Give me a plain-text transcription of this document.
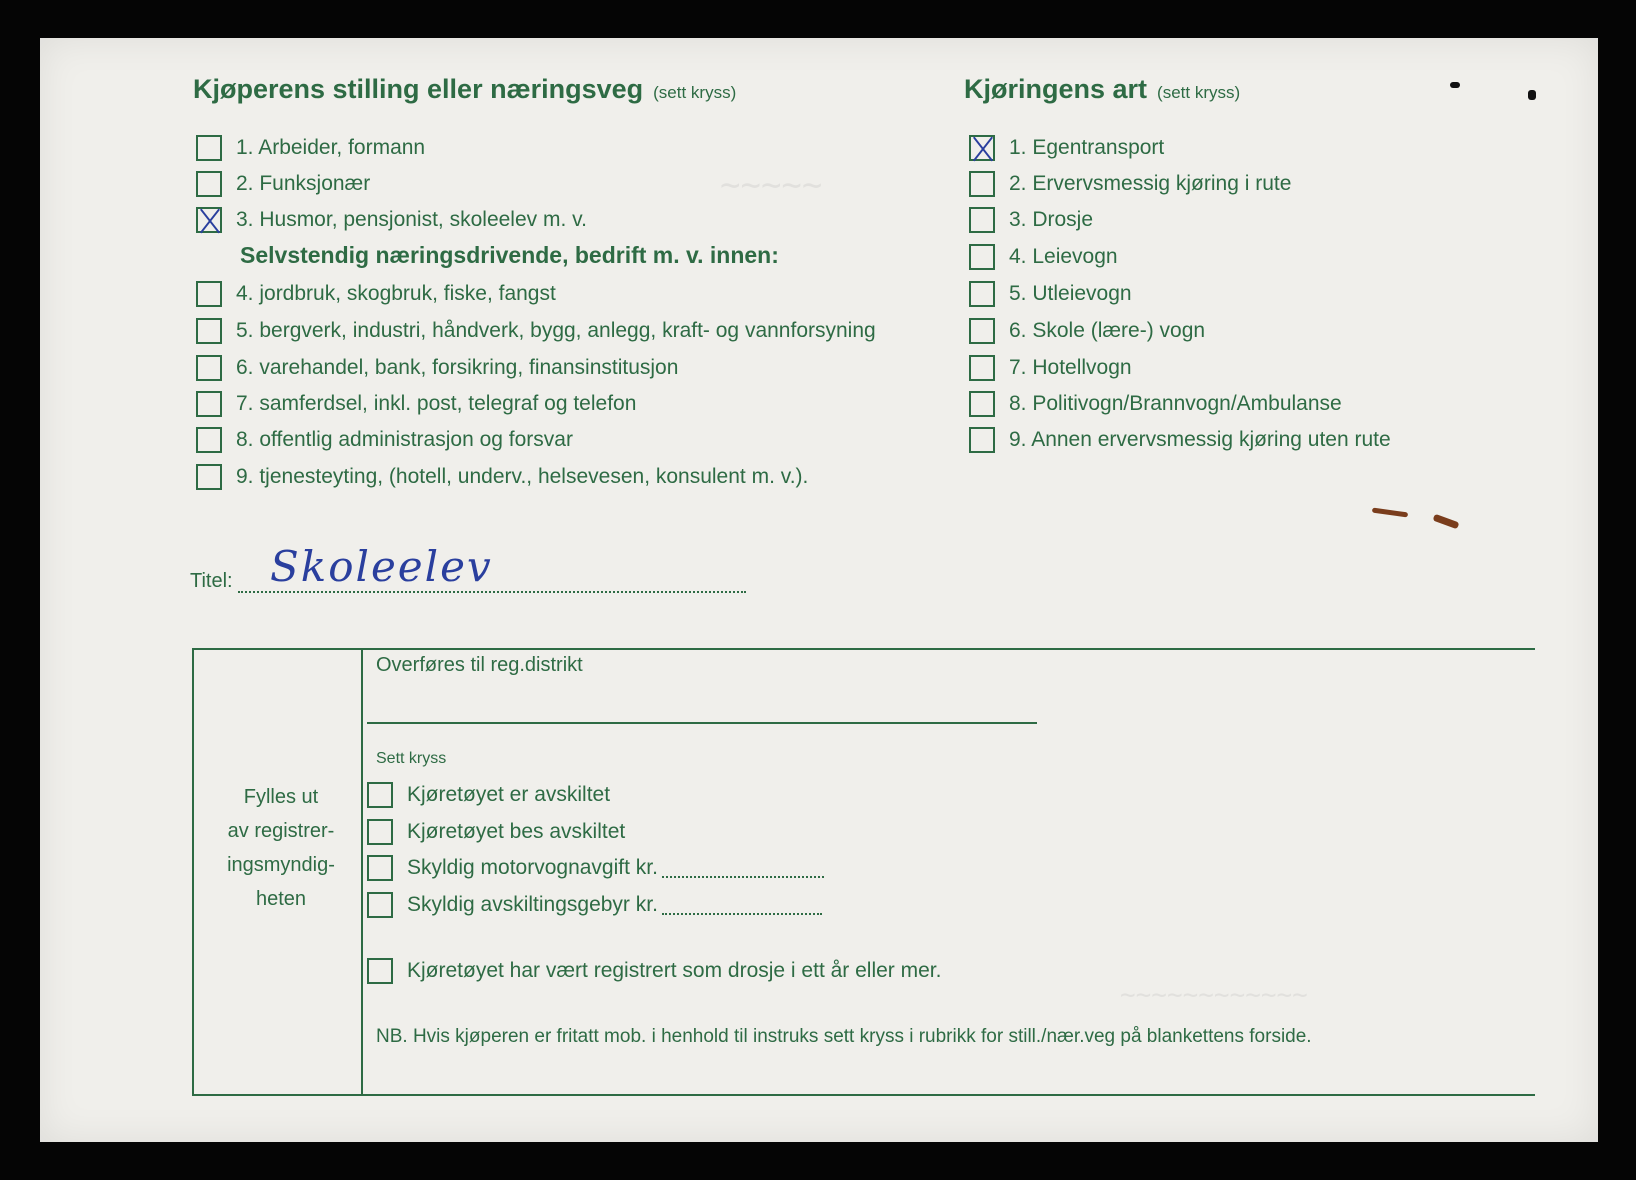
~~~~~
~~~~~~~~~~~~
Kjøperens stilling eller næringsveg (sett kryss)
1. Arbeider, formann
2. Funksjonær
3. Husmor, pensjonist, skoleelev m. v.
Selvstendig næringsdrivende, bedrift m. v. innen:
4. jordbruk, skogbruk, fiske, fangst
5. bergverk, industri, håndverk, bygg, anlegg, kraft- og vannforsyning
6. varehandel, bank, forsikring, finansinstitusjon
7. samferdsel, inkl. post, telegraf og telefon
8. offentlig administrasjon og forsvar
9. tjenesteyting, (hotell, underv., helsevesen, konsulent m. v.).
Kjøringens art (sett kryss)
1. Egentransport
2. Ervervsmessig kjøring i rute
3. Drosje
4. Leievogn
5. Utleievogn
6. Skole (lære-) vogn
7. Hotellvogn
8. Politivogn/Brannvogn/Ambulanse
9. Annen ervervsmessig kjøring uten rute
Titel: Skoleelev
Fylles ut
av registrer-
ingsmyndig-
heten
Overføres til reg.distrikt
Sett kryss
Kjøretøyet er avskiltet
Kjøretøyet bes avskiltet
Skyldig motorvognavgift kr.
Skyldig avskiltingsgebyr kr.
Kjøretøyet har vært registrert som drosje i ett år eller mer.
NB. Hvis kjøperen er fritatt mob. i henhold til instruks sett kryss i rubrikk for still./nær.veg på blankettens forside.
